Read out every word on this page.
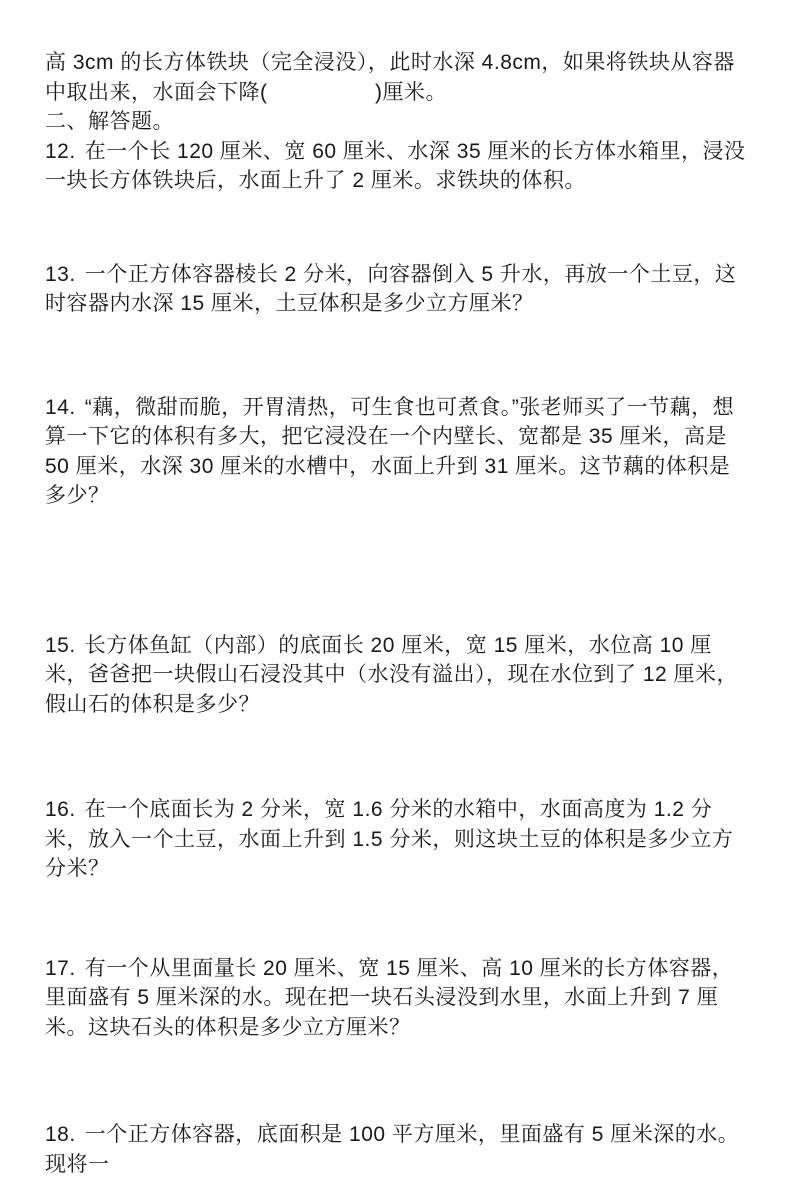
高 3cm 的长方体铁块（完全浸没），此时水深 4.8cm，如果将铁块从容器中取出来，水面会下降(　　　　　)厘米。

二、解答题。

12. 在一个长 120 厘米、宽 60 厘米、水深 35 厘米的长方体水箱里，浸没一块长方体铁块后，水面上升了 2 厘米。求铁块的体积。

13. 一个正方体容器棱长 2 分米，向容器倒入 5 升水，再放一个土豆，这时容器内水深 15 厘米，土豆体积是多少立方厘米？

14. “藕，微甜而脆，开胃清热，可生食也可煮食。”张老师买了一节藕，想算一下它的体积有多大，把它浸没在一个内壁长、宽都是 35 厘米，高是 50 厘米，水深 30 厘米的水槽中，水面上升到 31 厘米。这节藕的体积是多少？

15. 长方体鱼缸（内部）的底面长 20 厘米，宽 15 厘米，水位高 10 厘米，爸爸把一块假山石浸没其中（水没有溢出），现在水位到了 12 厘米，假山石的体积是多少？

16. 在一个底面长为 2 分米，宽 1.6 分米的水箱中，水面高度为 1.2 分米，放入一个土豆，水面上升到 1.5 分米，则这块土豆的体积是多少立方分米？

17. 有一个从里面量长 20 厘米、宽 15 厘米、高 10 厘米的长方体容器，里面盛有 5 厘米深的水。现在把一块石头浸没到水里，水面上升到 7 厘米。这块石头的体积是多少立方厘米？

18. 一个正方体容器，底面积是 100 平方厘米，里面盛有 5 厘米深的水。现将一
